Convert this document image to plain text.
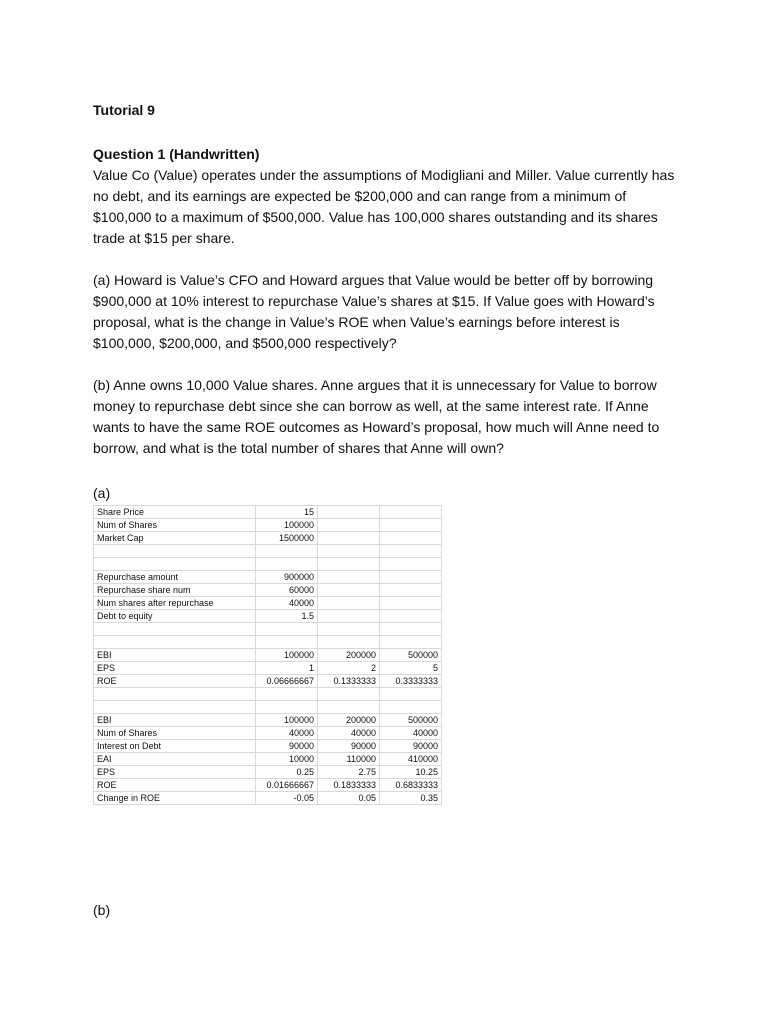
Tutorial 9
Question 1 (Handwritten)

Value Co (Value) operates under the assumptions of Modigliani and Miller. Value currently has no debt, and its earnings are expected be $200,000 and can range from a minimum of $100,000 to a maximum of $500,000. Value has 100,000 shares outstanding and its shares trade at $15 per share.

(a) Howard is Value’s CFO and Howard argues that Value would be better off by borrowing $900,000 at 10% interest to repurchase Value’s shares at $15. If Value goes with Howard’s proposal, what is the change in Value’s ROE when Value’s earnings before interest is $100,000, $200,000, and $500,000 respectively?

(b) Anne owns 10,000 Value shares. Anne argues that it is unnecessary for Value to borrow money to repurchase debt since she can borrow as well, at the same interest rate. If Anne wants to have the same ROE outcomes as Howard’s proposal, how much will Anne need to borrow, and what is the total number of shares that Anne will own?

(a)
Share Price	15		
Num of Shares	100000		
Market Cap	1500000		

Repurchase amount	900000		
Repurchase share num	60000		
Num shares after repurchase	40000		
Debt to equity	1.5		

EBI	100000	200000	500000
EPS	1	2	5
ROE	0.06666667	0.1333333	0.3333333

EBI	100000	200000	500000
Num of Shares	40000	40000	40000
Interest on Debt	90000	90000	90000
EAI	10000	110000	410000
EPS	0.25	2.75	10.25
ROE	0.01666667	0.1833333	0.6833333
Change in ROE	-0.05	0.05	0.35
(b)
